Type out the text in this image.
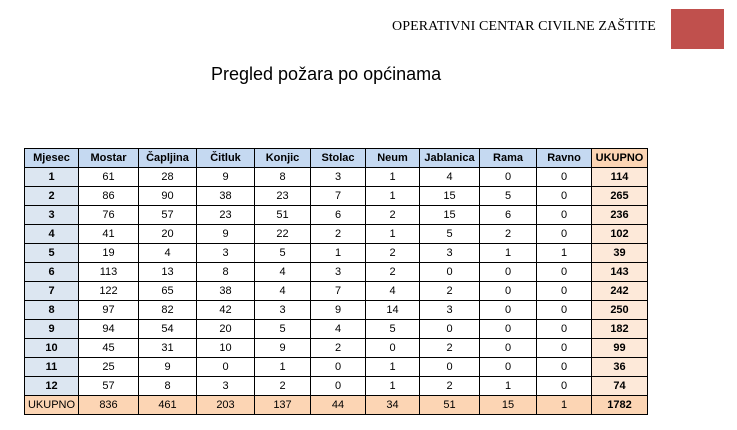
OPERATIVNI CENTAR CIVILNE ZAŠTITE
Pregled požara po općinama
Mjesec	Mostar	Čapljina	Čitluk	Konjic	Stolac	Neum	Jablanica	Rama	Ravno	UKUPNO
1	61	28	9	8	3	1	4	0	0	114
2	86	90	38	23	7	1	15	5	0	265
3	76	57	23	51	6	2	15	6	0	236
4	41	20	9	22	2	1	5	2	0	102
5	19	4	3	5	1	2	3	1	1	39
6	113	13	8	4	3	2	0	0	0	143
7	122	65	38	4	7	4	2	0	0	242
8	97	82	42	3	9	14	3	0	0	250
9	94	54	20	5	4	5	0	0	0	182
10	45	31	10	9	2	0	2	0	0	99
11	25	9	0	1	0	1	0	0	0	36
12	57	8	3	2	0	1	2	1	0	74
UKUPNO	836	461	203	137	44	34	51	15	1	1782
